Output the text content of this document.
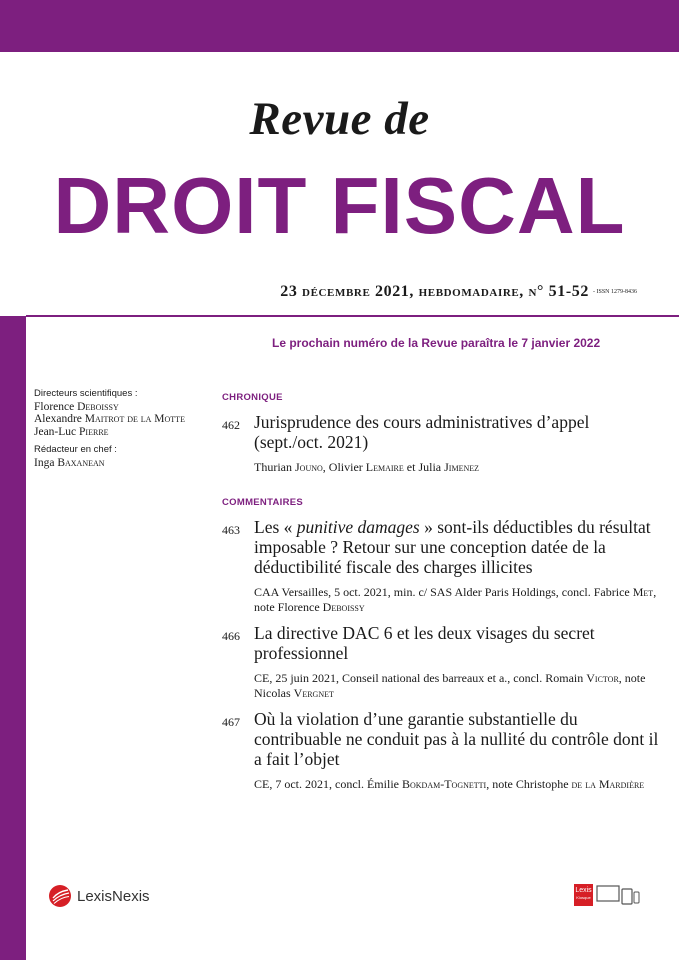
Revue de
DROIT FISCAL
23 décembre 2021, hebdomadaire, n° 51-52 - ISSN 1279-8436
Le prochain numéro de la Revue paraîtra le 7 janvier 2022
Directeurs scientifiques :
Florence Deboissy
Alexandre Maitrot de la Motte
Jean-Luc Pierre
Rédacteur en chef :
Inga Baxanean
CHRONIQUE
462 Jurisprudence des cours administratives d’appel (sept./oct. 2021)
Thurian Jouno, Olivier Lemaire et Julia Jimenez
COMMENTAIRES
463 Les « punitive damages » sont-ils déductibles du résultat imposable ? Retour sur une conception datée de la déductibilité fiscale des charges illicites
CAA Versailles, 5 oct. 2021, min. c/ SAS Alder Paris Holdings, concl. Fabrice Met, note Florence Deboissy
466 La directive DAC 6 et les deux visages du secret professionnel
CE, 25 juin 2021, Conseil national des barreaux et a., concl. Romain Victor, note Nicolas Vergnet
467 Où la violation d’une garantie substantielle du contribuable ne conduit pas à la nullité du contrôle dont il a fait l’objet
CE, 7 oct. 2021, concl. Émilie Bokdam-Tognetti, note Christophe de la Mardière
LexisNexis	Lexis
Kiosque
